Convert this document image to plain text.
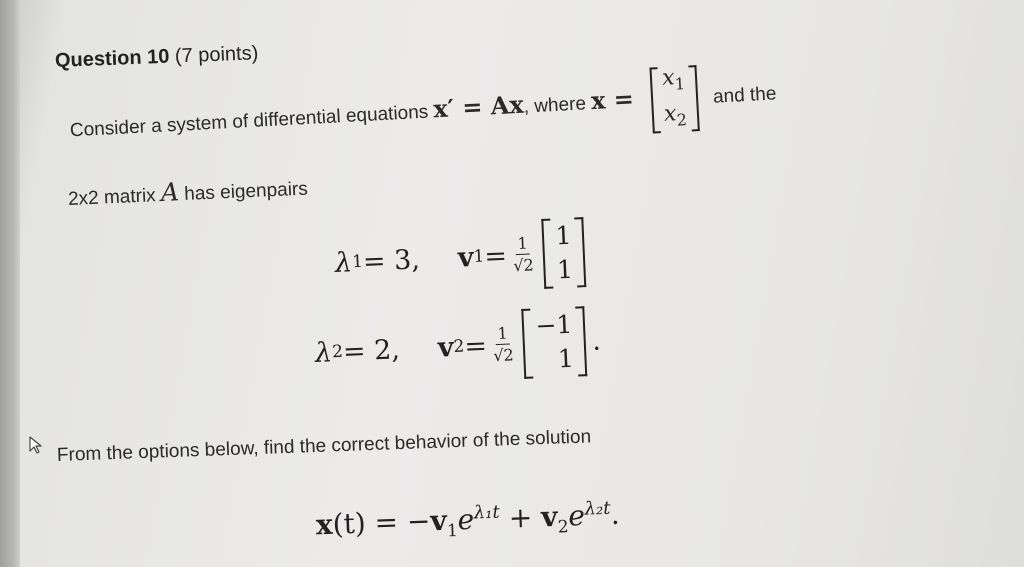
Question 10 (7 points)
Consider a system of differential equations x′ = Ax, where x =
$x_1$
$x_2$
and the
2x2 matrix A has eigenpairs
λ
1
= 3, v
1
= $\frac{1}{√2} 1$
1
λ
2
= 2, v
2
= $\frac{1}{√2} -1$
1
.
From the options below, find the correct behavior of the solution
$x(t) = -v_1e^{\lambda_1t} + v_2e^{\lambda_2t}$.
